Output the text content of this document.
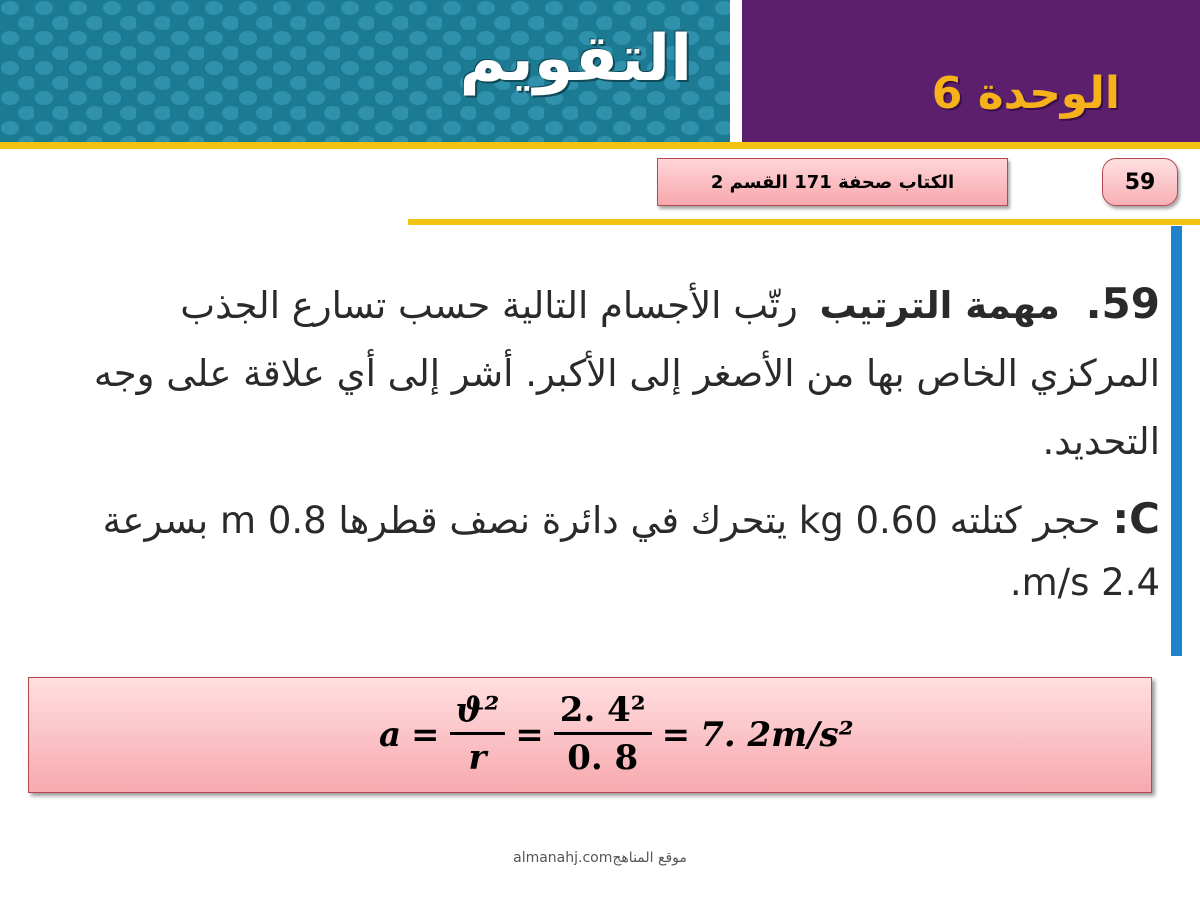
التقويم	الوحدة 6
الكتاب صحفة 171 القسم 2	59
59. مهمة الترتيب رتّب الأجسام التالية حسب تسارع الجذب المركزي الخاص بها من الأصغر إلى الأكبر. أشر إلى أي علاقة على وجه التحديد.
C: حجر كتلته 0.60 kg يتحرك في دائرة نصف قطرها 0.8 m بسرعة 2.4 m/s.
$a = \frac{\text{ϑ²}}{r} = \frac{\text{2. 4²}}{0. 8} = 7$. 2m/s²
almanahj.comموقع المناهج
